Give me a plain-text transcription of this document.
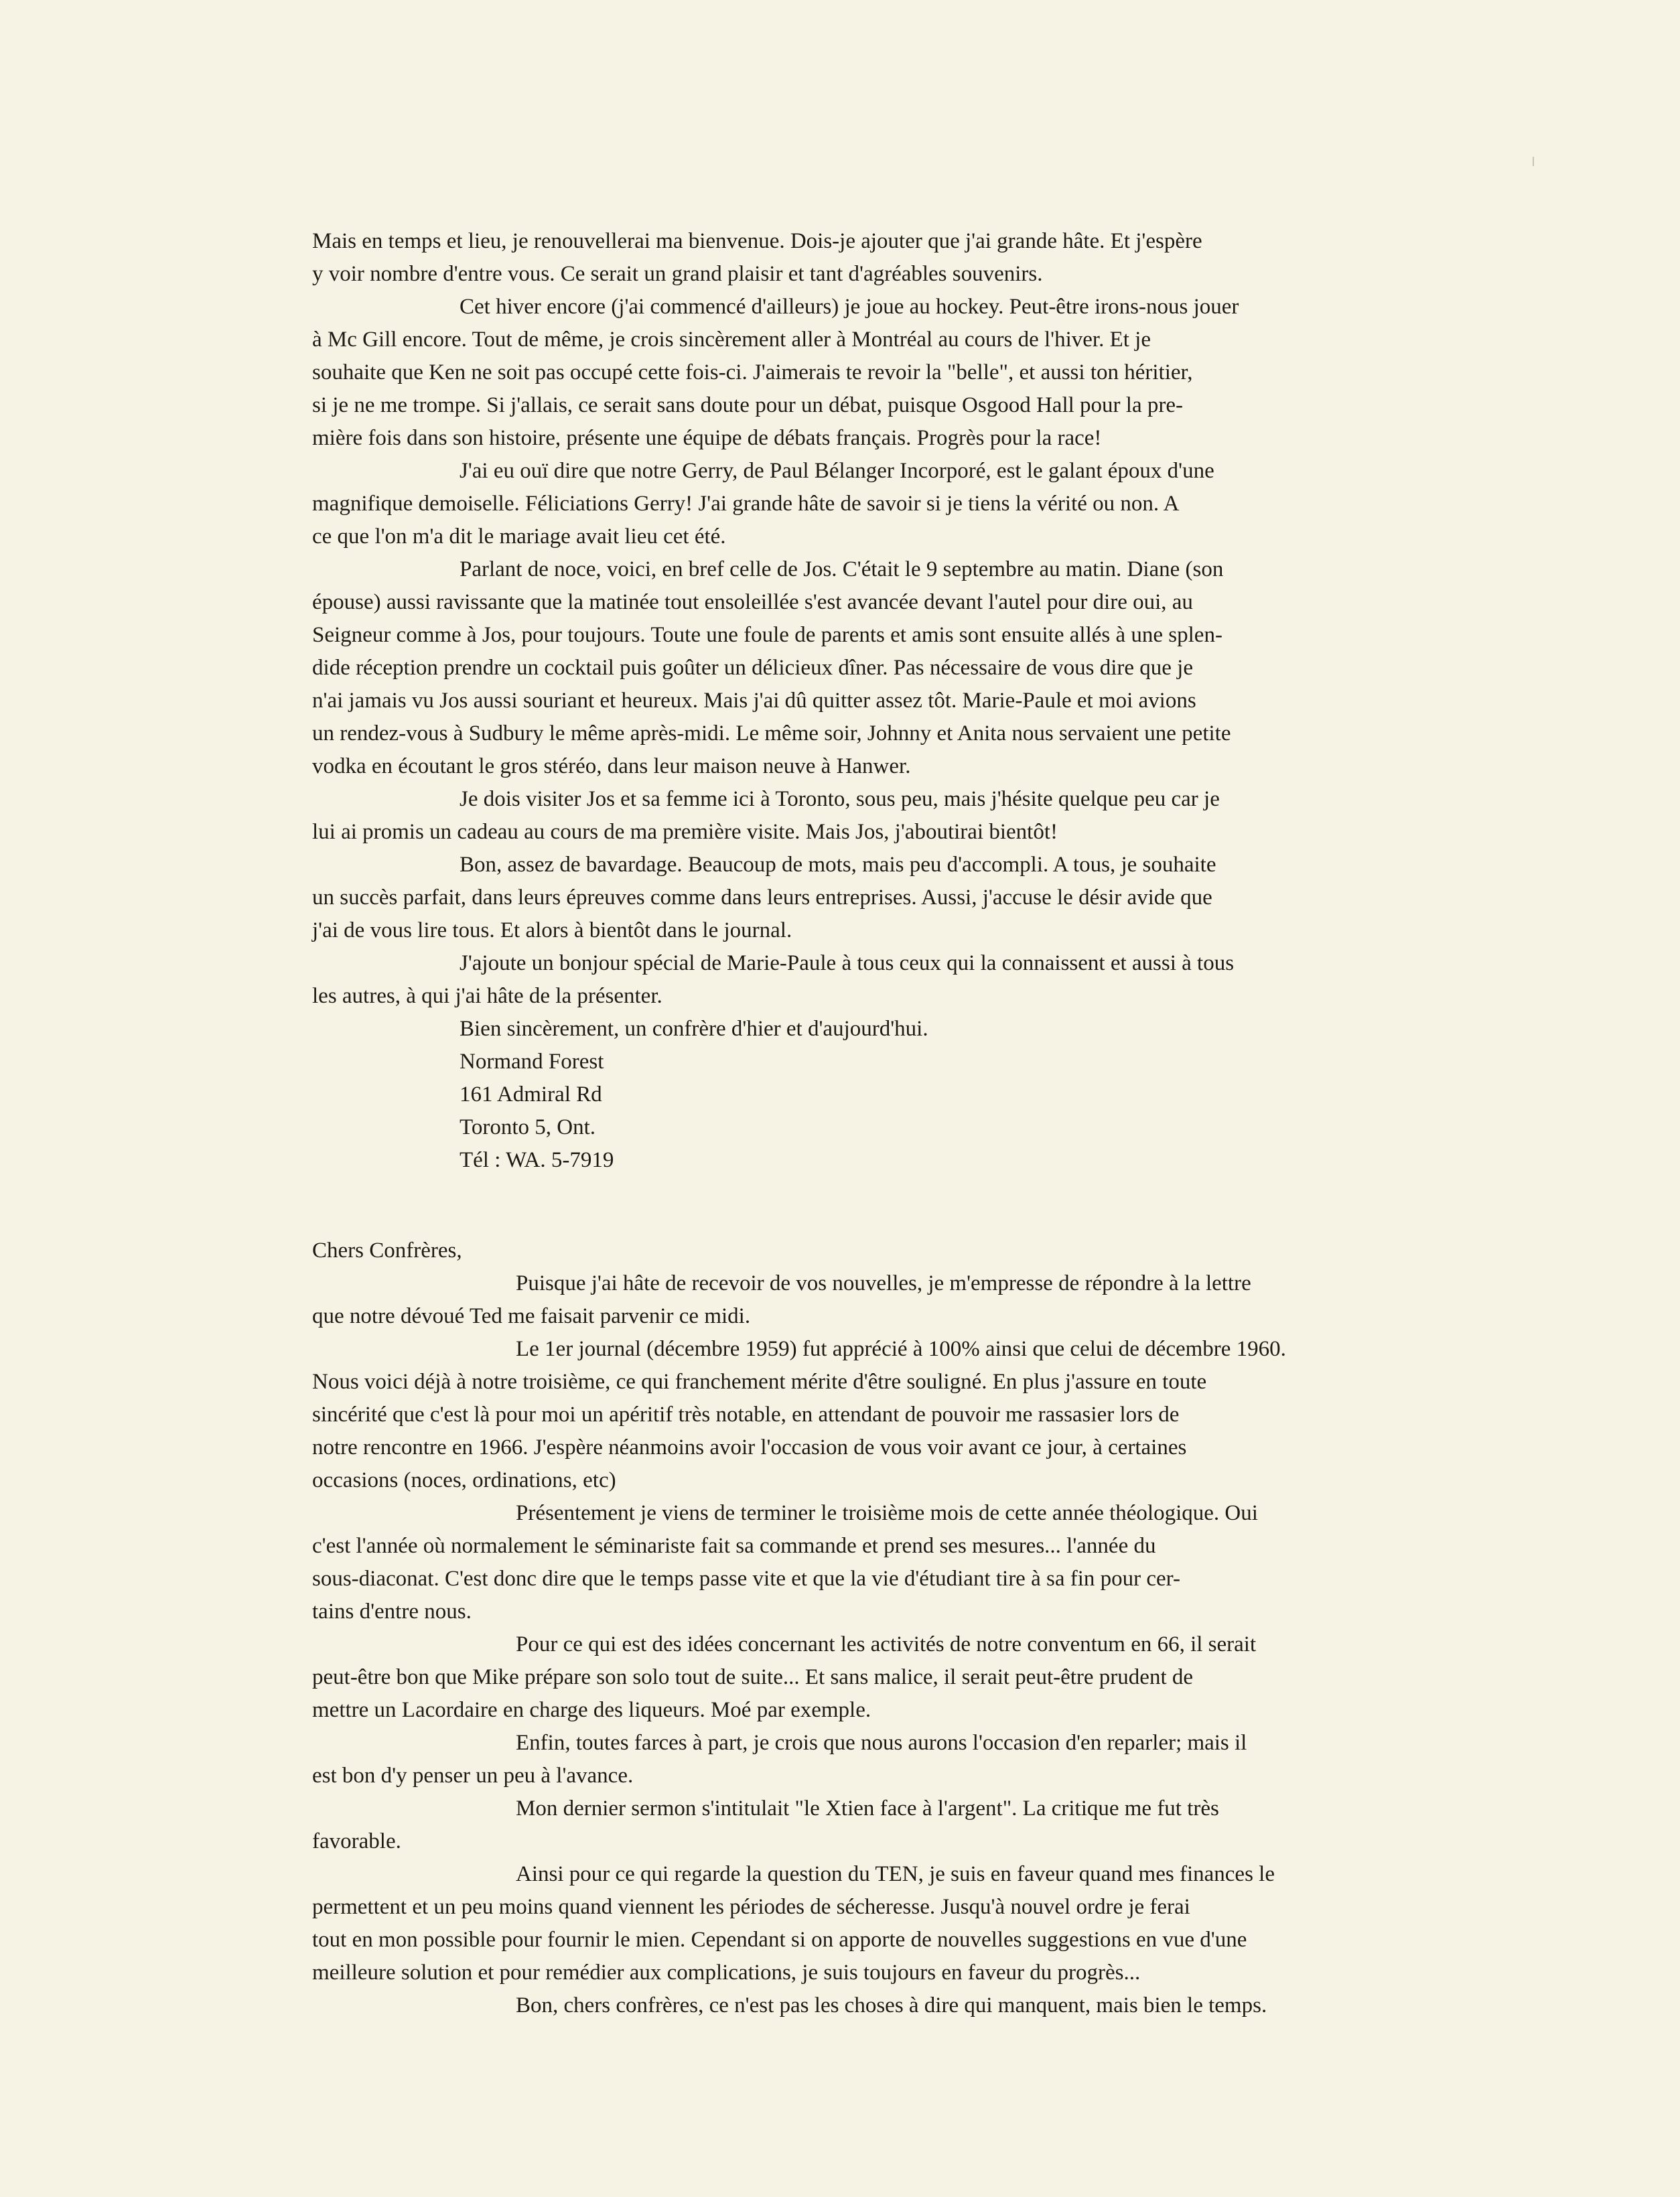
Mais en temps et lieu, je renouvellerai ma bienvenue. Dois-je ajouter que j'ai grande hâte. Et j'espère
y voir nombre d'entre vous. Ce serait un grand plaisir et tant d'agréables souvenirs.
Cet hiver encore (j'ai commencé d'ailleurs) je joue au hockey. Peut-être irons-nous jouer
à Mc Gill encore. Tout de même, je crois sincèrement aller à Montréal au cours de l'hiver. Et je
souhaite que Ken ne soit pas occupé cette fois-ci. J'aimerais te revoir la "belle", et aussi ton héritier,
si je ne me trompe. Si j'allais, ce serait sans doute pour un débat, puisque Osgood Hall pour la pre-
mière fois dans son histoire, présente une équipe de débats français. Progrès pour la race!
J'ai eu ouï dire que notre Gerry, de Paul Bélanger Incorporé, est le galant époux d'une
magnifique demoiselle. Féliciations Gerry! J'ai grande hâte de savoir si je tiens la vérité ou non. A
ce que l'on m'a dit le mariage avait lieu cet été.
Parlant de noce, voici, en bref celle de Jos. C'était le 9 septembre au matin. Diane (son
épouse) aussi ravissante que la matinée tout ensoleillée s'est avancée devant l'autel pour dire oui, au
Seigneur comme à Jos, pour toujours. Toute une foule de parents et amis sont ensuite allés à une splen-
dide réception prendre un cocktail puis goûter un délicieux dîner. Pas nécessaire de vous dire que je
n'ai jamais vu Jos aussi souriant et heureux. Mais j'ai dû quitter assez tôt. Marie-Paule et moi avions
un rendez-vous à Sudbury le même après-midi. Le même soir, Johnny et Anita nous servaient une petite
vodka en écoutant le gros stéréo, dans leur maison neuve à Hanwer.
Je dois visiter Jos et sa femme ici à Toronto, sous peu, mais j'hésite quelque peu car je
lui ai promis un cadeau au cours de ma première visite. Mais Jos, j'aboutirai bientôt!
Bon, assez de bavardage. Beaucoup de mots, mais peu d'accompli. A tous, je souhaite
un succès parfait, dans leurs épreuves comme dans leurs entreprises. Aussi, j'accuse le désir avide que
j'ai de vous lire tous. Et alors à bientôt dans le journal.
J'ajoute un bonjour spécial de Marie-Paule à tous ceux qui la connaissent et aussi à tous
les autres, à qui j'ai hâte de la présenter.
Bien sincèrement, un confrère d'hier et d'aujourd'hui.
Normand Forest
161 Admiral Rd
Toronto 5, Ont.
Tél : WA. 5-7919
Chers Confrères,
Puisque j'ai hâte de recevoir de vos nouvelles, je m'empresse de répondre à la lettre
que notre dévoué Ted me faisait parvenir ce midi.
Le 1er journal (décembre 1959) fut apprécié à 100% ainsi que celui de décembre 1960.
Nous voici déjà à notre troisième, ce qui franchement mérite d'être souligné. En plus j'assure en toute
sincérité que c'est là pour moi un apéritif très notable, en attendant de pouvoir me rassasier lors de
notre rencontre en 1966. J'espère néanmoins avoir l'occasion de vous voir avant ce jour, à certaines
occasions (noces, ordinations, etc)
Présentement je viens de terminer le troisième mois de cette année théologique. Oui
c'est l'année où normalement le séminariste fait sa commande et prend ses mesures... l'année du
sous-diaconat. C'est donc dire que le temps passe vite et que la vie d'étudiant tire à sa fin pour cer-
tains d'entre nous.
Pour ce qui est des idées concernant les activités de notre conventum en 66, il serait
peut-être bon que Mike prépare son solo tout de suite... Et sans malice, il serait peut-être prudent de
mettre un Lacordaire en charge des liqueurs. Moé par exemple.
Enfin, toutes farces à part, je crois que nous aurons l'occasion d'en reparler; mais il
est bon d'y penser un peu à l'avance.
Mon dernier sermon s'intitulait "le Xtien face à l'argent". La critique me fut très
favorable.
Ainsi pour ce qui regarde la question du TEN, je suis en faveur quand mes finances le
permettent et un peu moins quand viennent les périodes de sécheresse. Jusqu'à nouvel ordre je ferai
tout en mon possible pour fournir le mien. Cependant si on apporte de nouvelles suggestions en vue d'une
meilleure solution et pour remédier aux complications, je suis toujours en faveur du progrès...
Bon, chers confrères, ce n'est pas les choses à dire qui manquent, mais bien le temps.
